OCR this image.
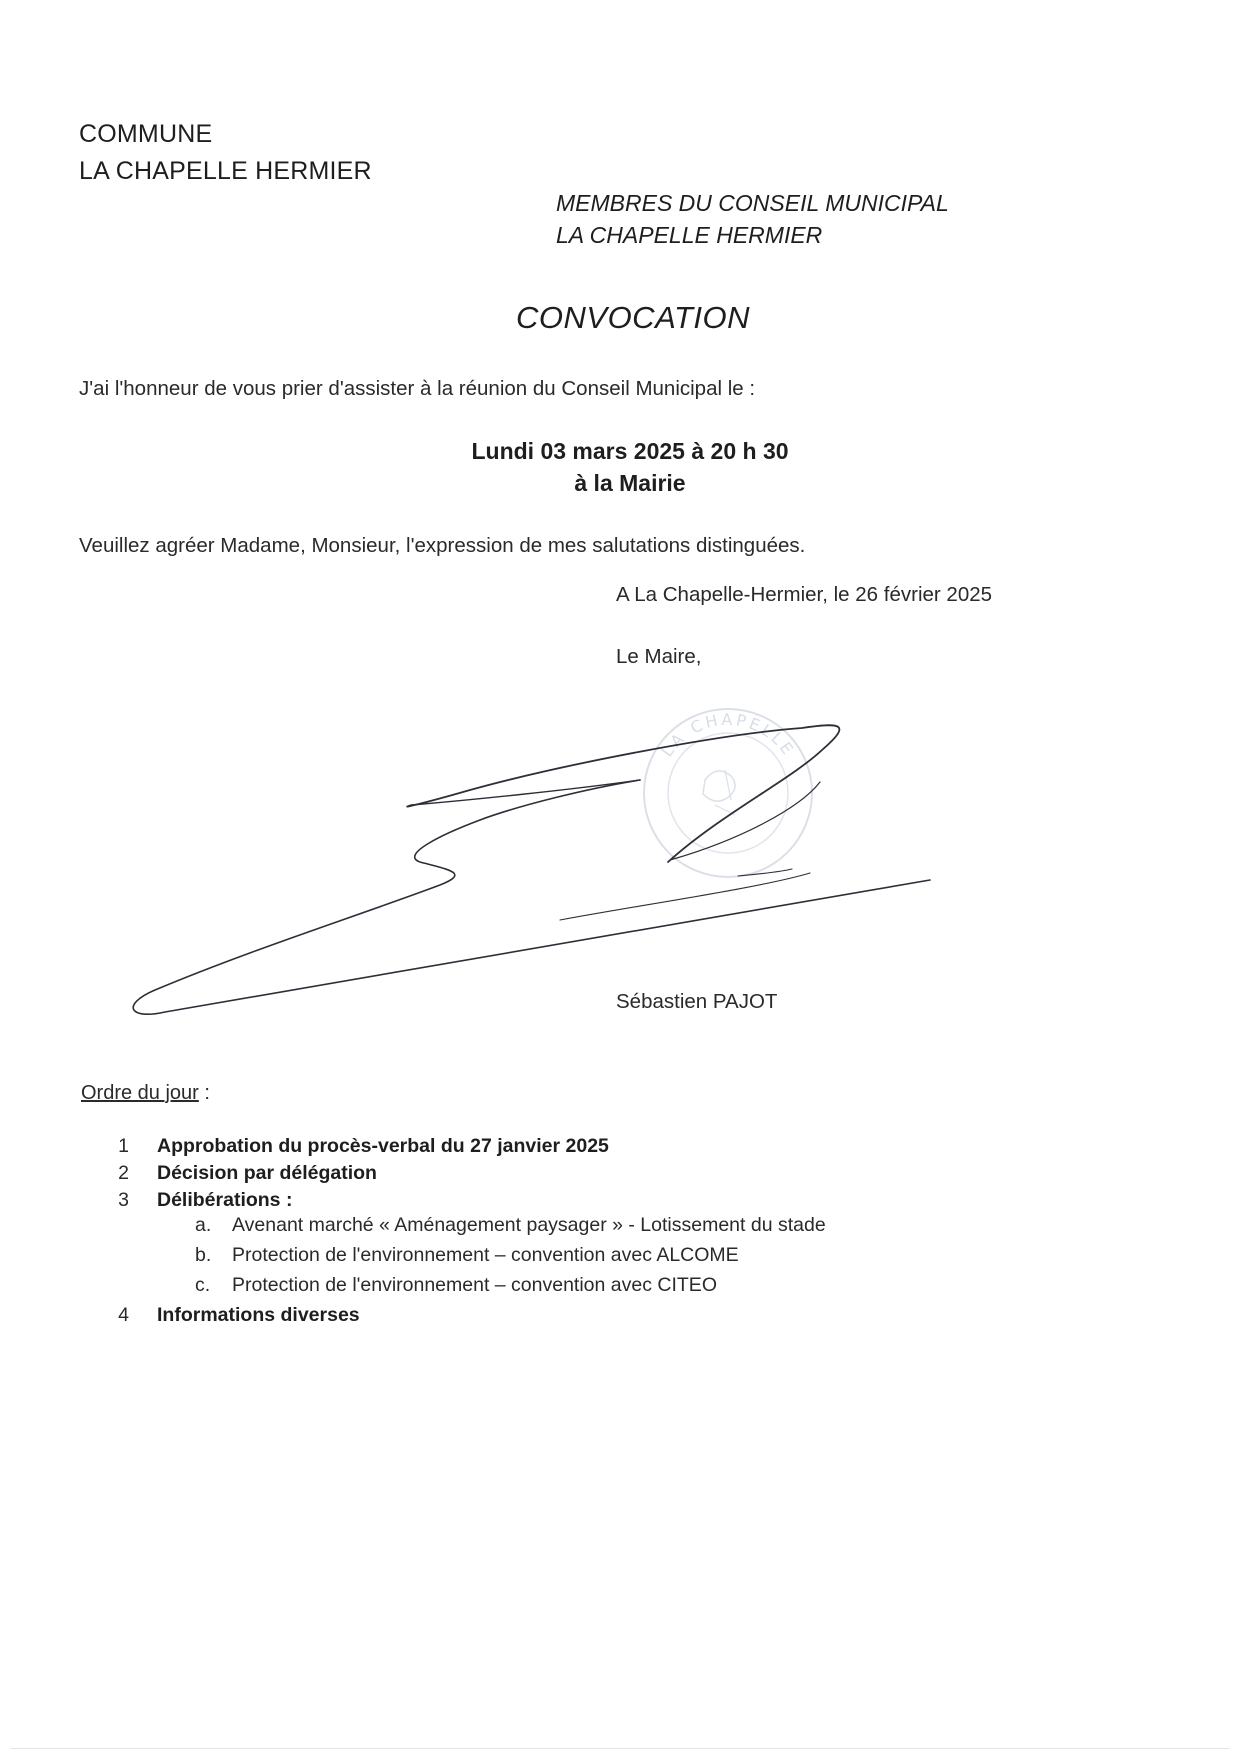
COMMUNE
LA CHAPELLE HERMIER
MEMBRES DU CONSEIL MUNICIPAL
LA CHAPELLE HERMIER
CONVOCATION
J'ai l'honneur de vous prier d'assister à la réunion du Conseil Municipal le :
Lundi 03 mars 2025 à 20 h 30
à la Mairie
Veuillez agréer Madame, Monsieur, l'expression de mes salutations distinguées.
A La Chapelle-Hermier, le 26 février 2025
Le Maire,
LA CHAPELLE
Sébastien PAJOT
Ordre du jour :
1 Approbation du procès-verbal du 27 janvier 2025
2 Décision par délégation
3 Délibérations :
a. Avenant marché « Aménagement paysager » - Lotissement du stade
b. Protection de l'environnement – convention avec ALCOME
c. Protection de l'environnement – convention avec CITEO
4 Informations diverses
